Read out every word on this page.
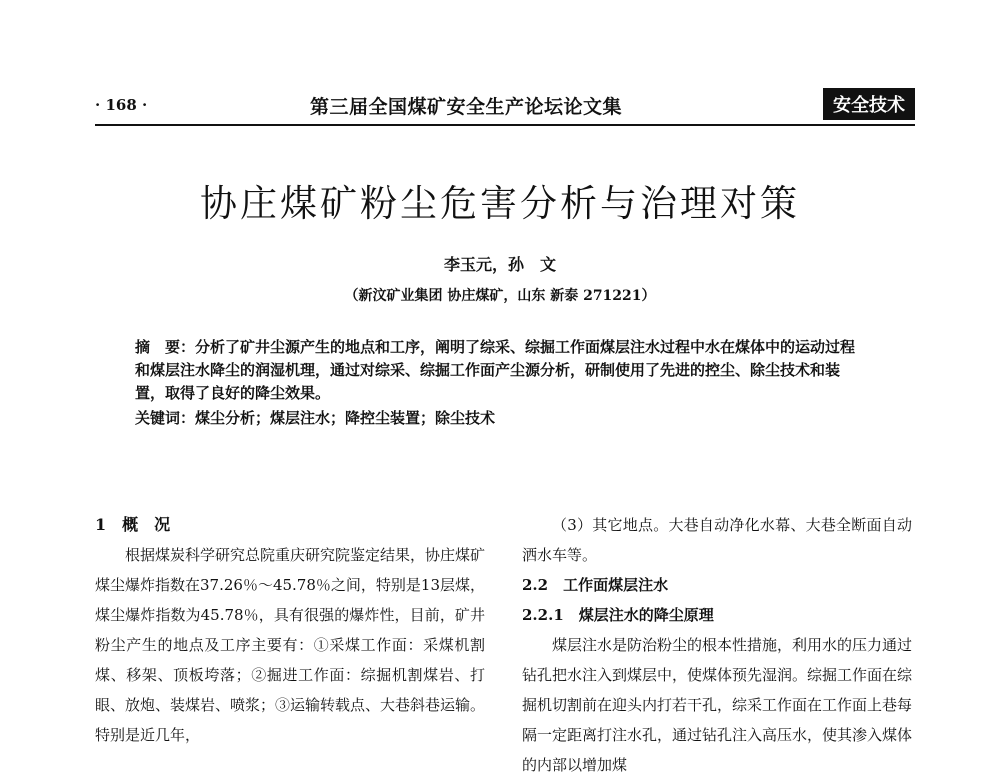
· 168 ·	第三届全国煤矿安全生产论坛论文集	安全技术
协庄煤矿粉尘危害分析与治理对策
李玉元，孙　文
（新汶矿业集团 协庄煤矿，山东 新泰 271221）

摘　要：分析了矿井尘源产生的地点和工序，阐明了综采、综掘工作面煤层注水过程中水在煤体中的运动过程和煤层注水降尘的润湿机理，通过对综采、综掘工作面产尘源分析，研制使用了先进的控尘、除尘技术和装置，取得了良好的降尘效果。

关键词：煤尘分析；煤层注水；降控尘装置；除尘技术

1　概　况

根据煤炭科学研究总院重庆研究院鉴定结果，协庄煤矿煤尘爆炸指数在37.26％～45.78％之间，特别是13层煤，煤尘爆炸指数为45.78％，具有很强的爆炸性，目前，矿井粉尘产生的地点及工序主要有：①采煤工作面：采煤机割煤、移架、顶板垮落；②掘进工作面：综掘机割煤岩、打眼、放炮、装煤岩、喷浆；③运输转载点、大巷斜巷运输。特别是近几年，

（3）其它地点。大巷自动净化水幕、大巷全断面自动洒水车等。

2.2　工作面煤层注水

2.2.1　煤层注水的降尘原理

煤层注水是防治粉尘的根本性措施，利用水的压力通过钻孔把水注入到煤层中，使煤体预先湿润。综掘工作面在综掘机切割前在迎头内打若干孔，综采工作面在工作面上巷每隔一定距离打注水孔，通过钻孔注入高压水，使其渗入煤体的内部以增加煤
